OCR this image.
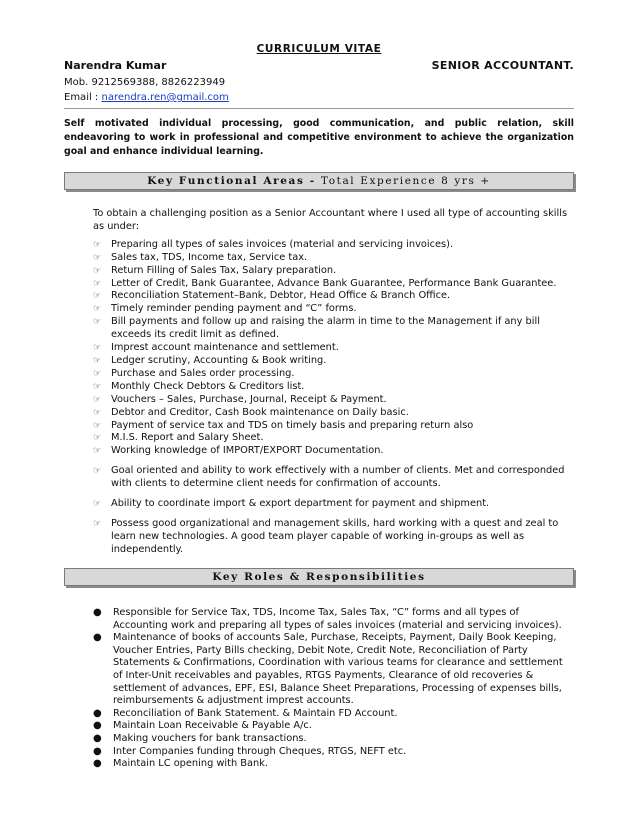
CURRICULUM VITAE
Narendra Kumar	SENIOR ACCOUNTANT.
Mob. 9212569388, 8826223949
Email : narendra.ren@gmail.com
Self motivated individual processing, good communication, and public relation, skill endeavoring to work in professional and competitive environment to achieve the organization goal and enhance individual learning.
Key Functional Areas - Total Experience 8 yrs +

To obtain a challenging position as a Senior Accountant where I used all type of accounting skills as under:

☞ Preparing all types of sales invoices (material and servicing invoices).
☞ Sales tax, TDS, Income tax, Service tax.
☞ Return Filling of Sales Tax, Salary preparation.
☞ Letter of Credit, Bank Guarantee, Advance Bank Guarantee, Performance Bank Guarantee.
☞ Reconciliation Statement–Bank, Debtor, Head Office & Branch Office.
☞ Timely reminder pending payment and “C” forms.
☞ Bill payments and follow up and raising the alarm in time to the Management if any bill exceeds its credit limit as defined.
☞ Imprest account maintenance and settlement.
☞ Ledger scrutiny, Accounting & Book writing.
☞ Purchase and Sales order processing.
☞ Monthly Check Debtors & Creditors list.
☞ Vouchers – Sales, Purchase, Journal, Receipt & Payment.
☞ Debtor and Creditor, Cash Book maintenance on Daily basic.
☞ Payment of service tax and TDS on timely basis and preparing return also
☞ M.I.S. Report and Salary Sheet.
☞ Working knowledge of IMPORT/EXPORT Documentation.
☞ Goal oriented and ability to work effectively with a number of clients. Met and corresponded with clients to determine client needs for confirmation of accounts.
☞ Ability to coordinate import & export department for payment and shipment.
☞ Possess good organizational and management skills, hard working with a quest and zeal to learn new technologies. A good team player capable of working in-groups as well as independently.
Key Roles & Responsibilities
● Responsible for Service Tax, TDS, Income Tax, Sales Tax, “C” forms and all types of Accounting work and preparing all types of sales invoices (material and servicing invoices).
● Maintenance of books of accounts Sale, Purchase, Receipts, Payment, Daily Book Keeping, Voucher Entries, Party Bills checking, Debit Note, Credit Note, Reconciliation of Party Statements & Confirmations, Coordination with various teams for clearance and settlement of Inter-Unit receivables and payables, RTGS Payments, Clearance of old recoveries & settlement of advances, EPF, ESI, Balance Sheet Preparations, Processing of expenses bills, reimbursements & adjustment imprest accounts.
● Reconciliation of Bank Statement. & Maintain FD Account.
● Maintain Loan Receivable & Payable A/c.
● Making vouchers for bank transactions.
● Inter Companies funding through Cheques, RTGS, NEFT etc.
● Maintain LC opening with Bank.
